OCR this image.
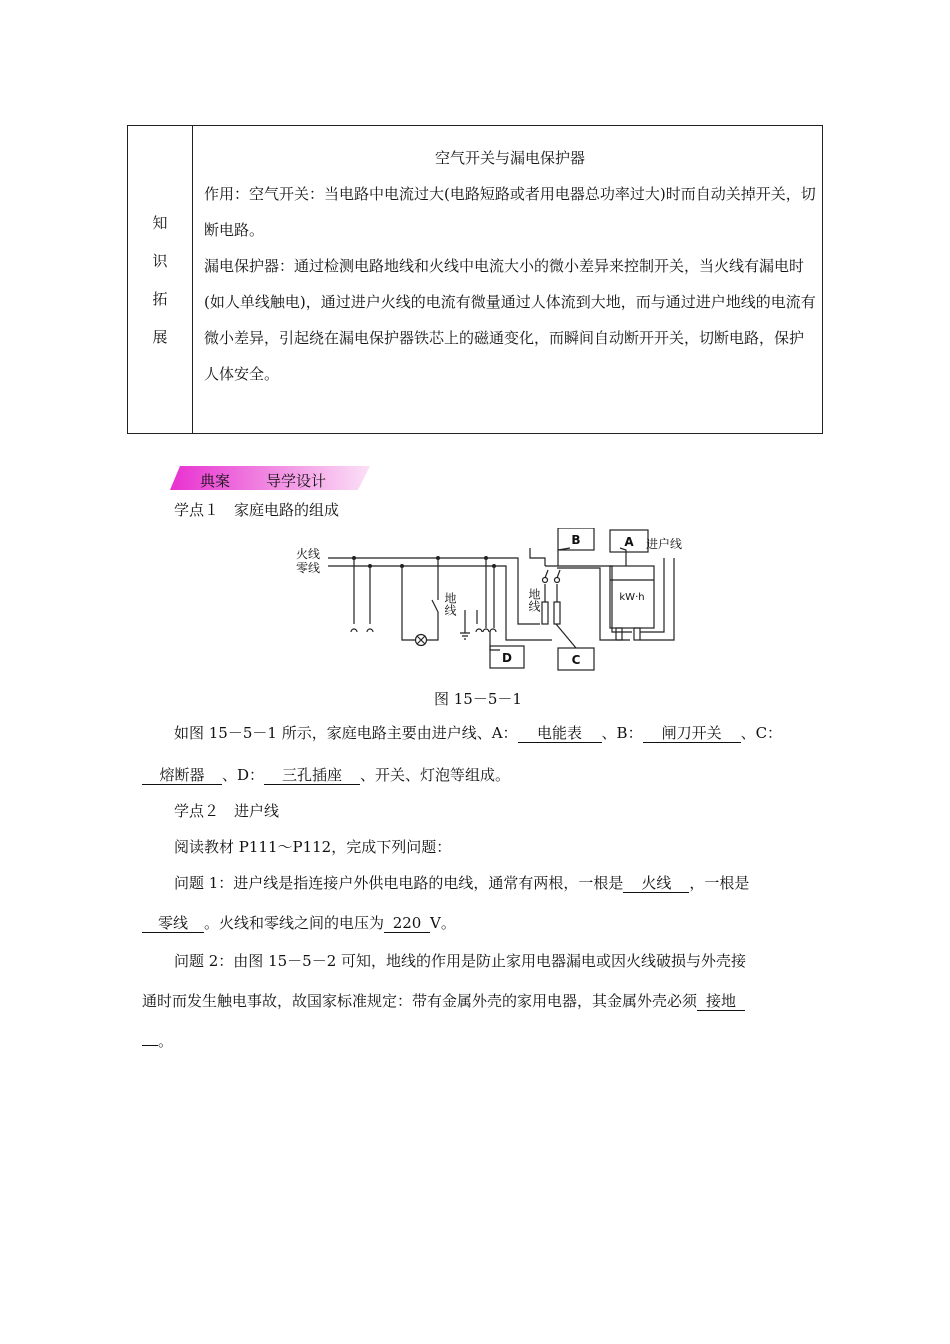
知
识
拓
展
空气开关与漏电保护器

作用：空气开关：当电路中电流过大(电路短路或者用电器总功率过大)时而自动关掉开关，切断电路。

漏电保护器：通过检测电路地线和火线中电流大小的微小差异来控制开关，当火线有漏电时(如人单线触电)，通过进户火线的电流有微量通过人体流到大地，而与通过进户地线的电流有微小差异，引起绕在漏电保护器铁芯上的磁通变化，而瞬间自动断开开关，切断电路，保护人体安全。

典案 导学设计
学点１　家庭电路的组成
火线
零线
地线	地线
进户线
B	A
C
D
kW·h
图 15－5－1
如图 15－5－1 所示，家庭电路主要由进户线、A： 电能表 、B： 闸刀开关 、C：
熔断器 、D： 三孔插座 、开关、灯泡等组成。
学点２　进户线
阅读教材 P111～P112，完成下列问题：
问题 1：进户线是指连接户外供电电路的电线，通常有两根，一根是 火线 ，一根是
零线 。火线和零线之间的电压为 220 V。
问题 2：由图 15－5－2 可知，地线的作用是防止家用电器漏电或因火线破损与外壳接
通时而发生触电事故，故国家标准规定：带有金属外壳的家用电器，其金属外壳必须 接地
。
